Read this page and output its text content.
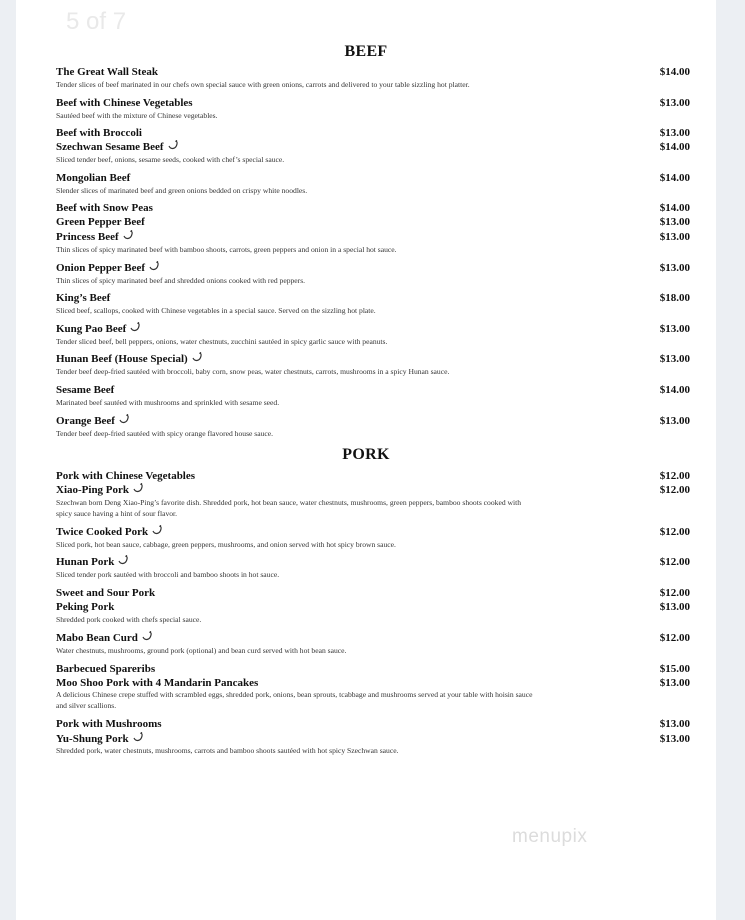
5 of 7
BEEF
PORK
The Great Wall Steak	$14.00
Tender slices of beef marinated in our chefs own special sauce with green onions, carrots and delivered to your table sizzling hot platter.
Beef with Chinese Vegetables	$13.00
Sautéed beef with the mixture of Chinese vegetables.
Beef with Broccoli	$13.00
Szechwan Sesame Beef	$14.00
Sliced tender beef, onions, sesame seeds, cooked with chef’s special sauce.
Mongolian Beef	$14.00
Slender slices of marinated beef and green onions bedded on crispy white noodles.
Beef with Snow Peas	$14.00
Green Pepper Beef	$13.00
Princess Beef	$13.00
Thin slices of spicy marinated beef with bamboo shoots, carrots, green peppers and onion in a special hot sauce.
Onion Pepper Beef	$13.00
Thin slices of spicy marinated beef and shredded onions cooked with red peppers.
King’s Beef	$18.00
Sliced beef, scallops, cooked with Chinese vegetables in a special sauce. Served on the sizzling hot plate.
Kung Pao Beef	$13.00
Tender sliced beef, bell peppers, onions, water chestnuts, zucchini sautéed in spicy garlic sauce with peanuts.
Hunan Beef (House Special)	$13.00
Tender beef deep-fried sautéed with broccoli, baby corn, snow peas, water chestnuts, carrots, mushrooms in a spicy Hunan sauce.
Sesame Beef	$14.00
Marinated beef sautéed with mushrooms and sprinkled with sesame seed.
Orange Beef	$13.00
Tender beef deep-fried sautéed with spicy orange flavored house sauce.
Pork with Chinese Vegetables	$12.00
Xiao-Ping Pork	$12.00
Szechwan born Deng Xiao-Ping’s favorite dish. Shredded pork, hot bean sauce, water chestnuts, mushrooms, green peppers, bamboo shoots cooked with
spicy sauce having a hint of sour flavor.
Twice Cooked Pork	$12.00
Sliced pork, hot bean sauce, cabbage, green peppers, mushrooms, and onion served with hot spicy brown sauce.
Hunan Pork	$12.00
Sliced tender pork sautéed with broccoli and bamboo shoots in hot sauce.
Sweet and Sour Pork	$12.00
Peking Pork	$13.00
Shredded pork cooked with chefs special sauce.
Mabo Bean Curd	$12.00
Water chestnuts, mushrooms, ground pork (optional) and bean curd served with hot bean sauce.
Barbecued Spareribs	$15.00
Moo Shoo Pork with 4 Mandarin Pancakes	$13.00
A delicious Chinese crepe stuffed with scrambled eggs, shredded pork, onions, bean sprouts, tcabbage and mushrooms served at your table with hoisin sauce
and silver scallions.
Pork with Mushrooms	$13.00
Yu-Shung Pork	$13.00
Shredded pork, water chestnuts, mushrooms, carrots and bamboo shoots sautéed with hot spicy Szechwan sauce.
menupix
